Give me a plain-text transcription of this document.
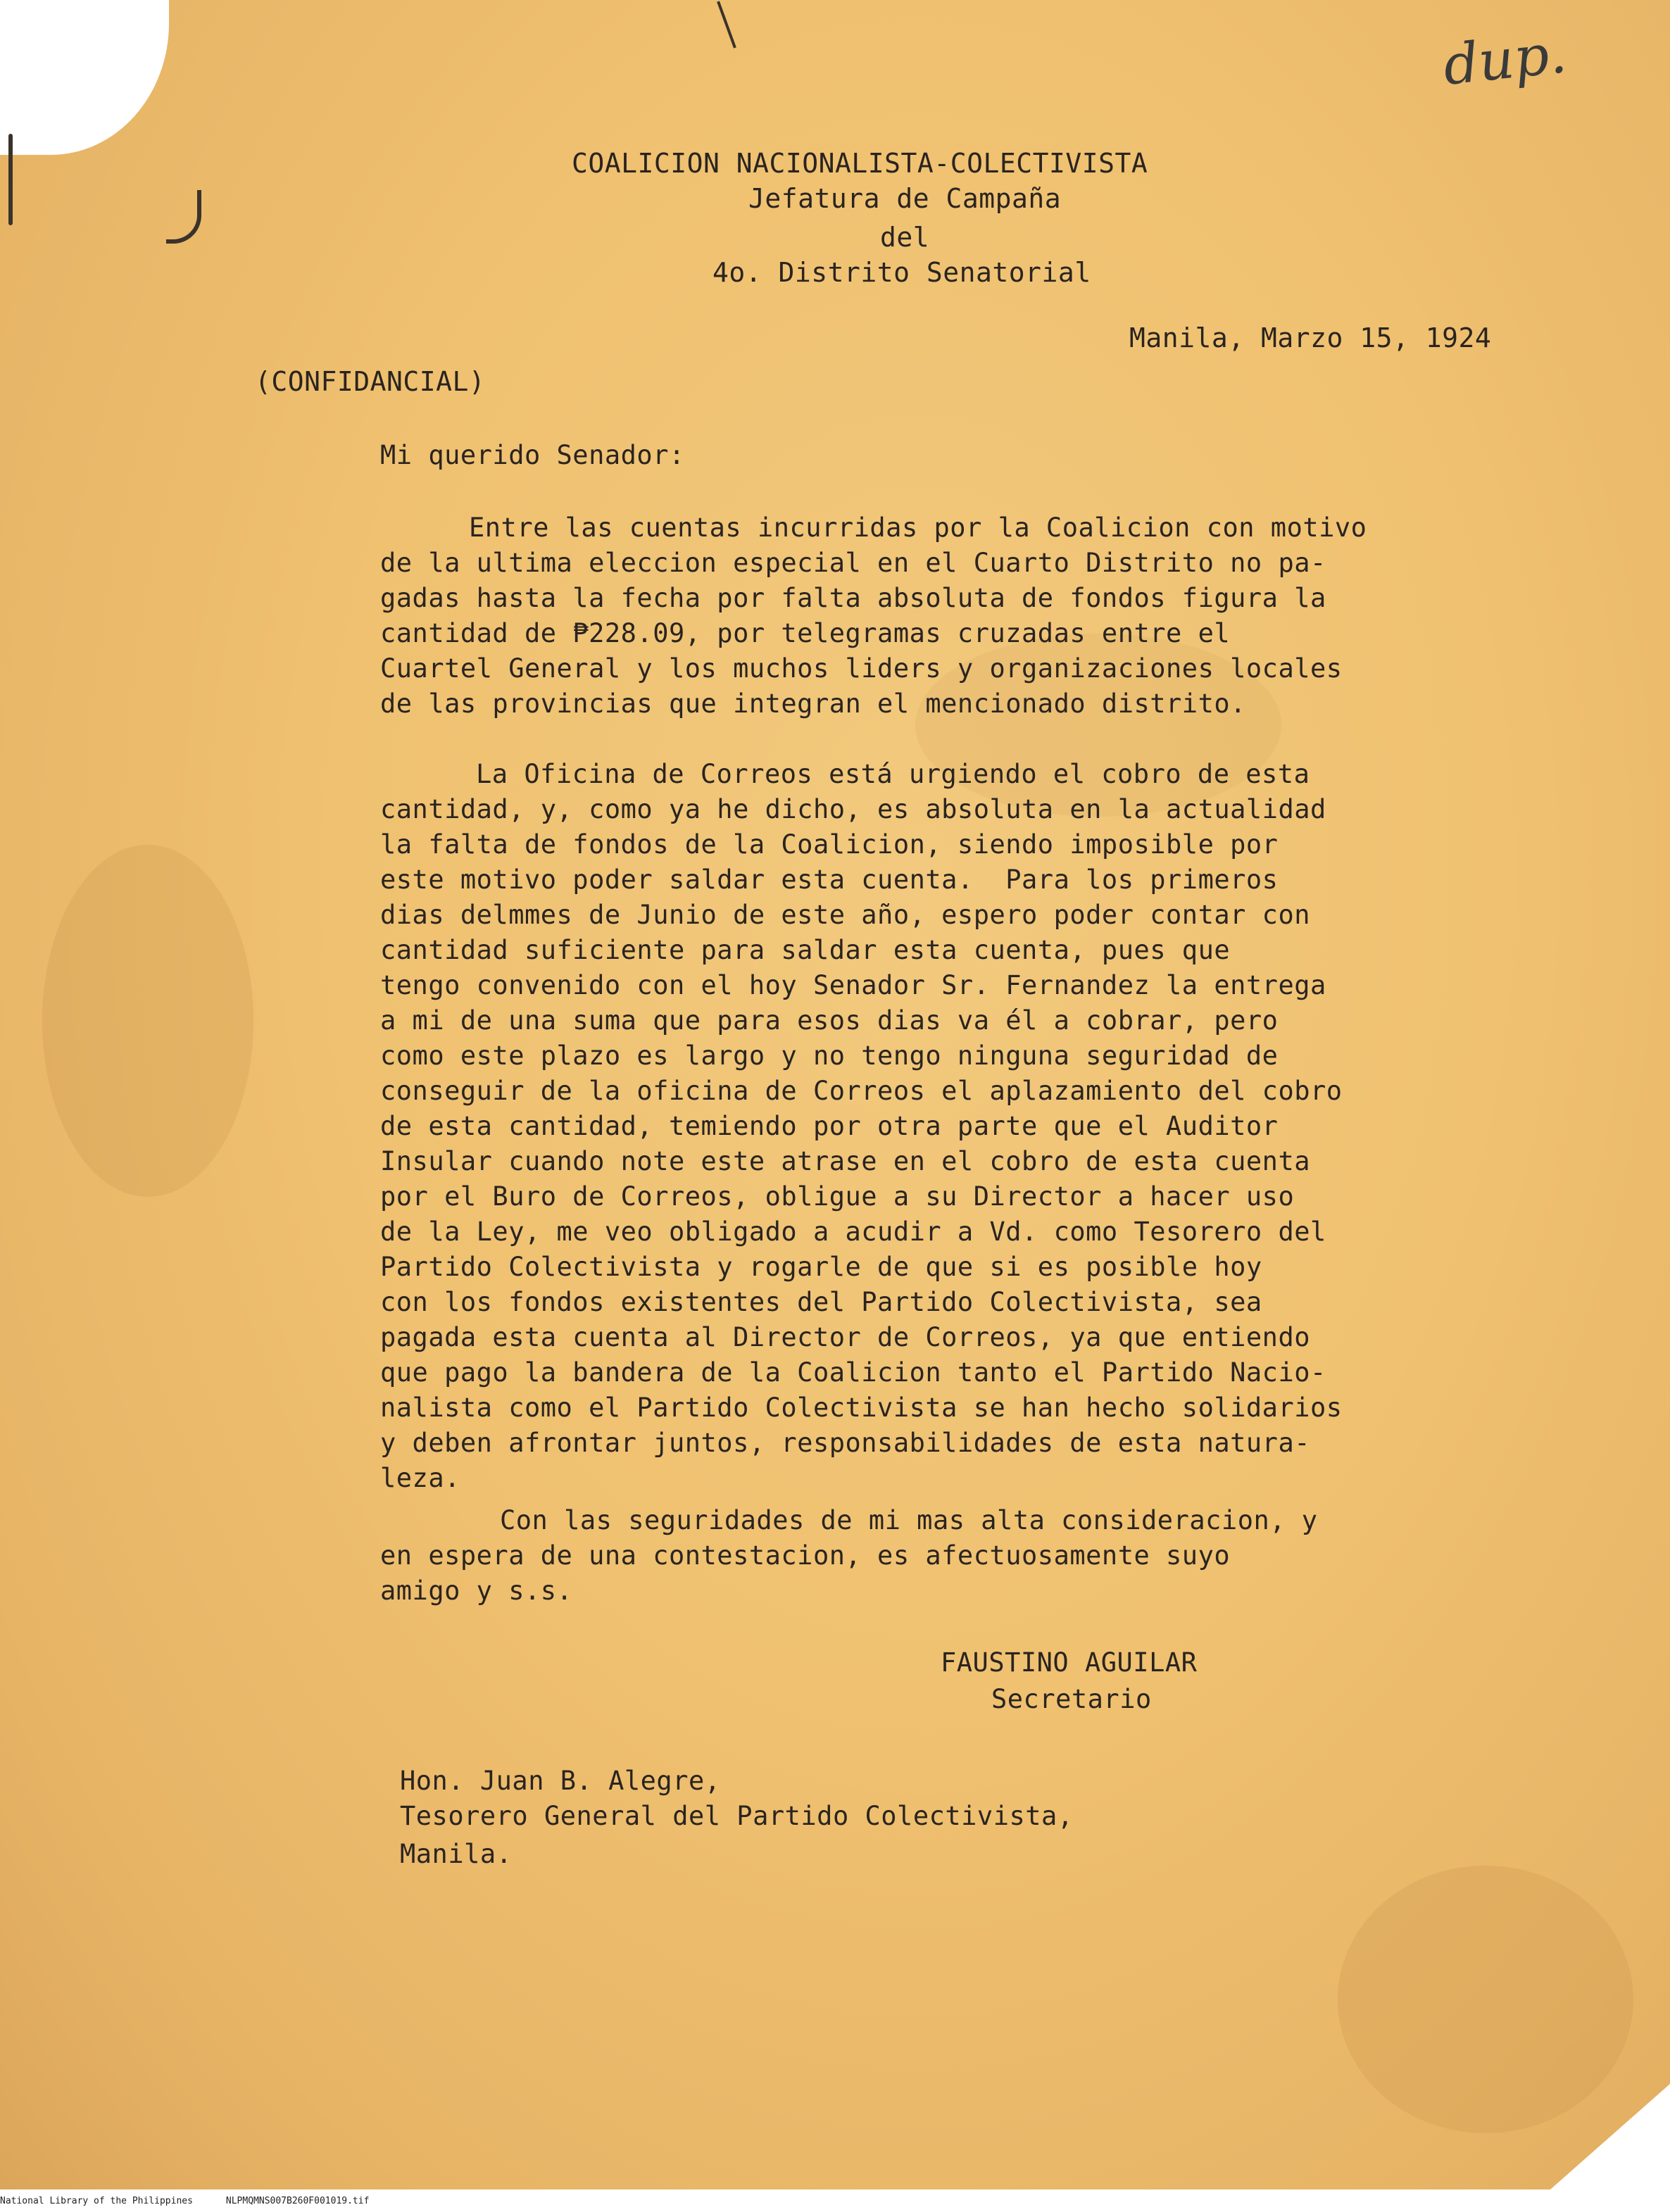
dup.
COALICION NACIONALISTA-COLECTIVISTA
Jefatura de Campaña
del
4o. Distrito Senatorial
Manila, Marzo 15, 1924
(CONFIDANCIAL)
Mi querido Senador:
Entre las cuentas incurridas por la Coalicion con motivo
de la ultima eleccion especial en el Cuarto Distrito no pa-
gadas hasta la fecha por falta absoluta de fondos figura la
cantidad de ₱228.09, por telegramas cruzadas entre el
Cuartel General y los muchos liders y organizaciones locales
de las provincias que integran el mencionado distrito.
La Oficina de Correos está urgiendo el cobro de esta
cantidad, y, como ya he dicho, es absoluta en la actualidad
la falta de fondos de la Coalicion, siendo imposible por
este motivo poder saldar esta cuenta.  Para los primeros
dias delmmes de Junio de este año, espero poder contar con
cantidad suficiente para saldar esta cuenta, pues que
tengo convenido con el hoy Senador Sr. Fernandez la entrega
a mi de una suma que para esos dias va él a cobrar, pero
como este plazo es largo y no tengo ninguna seguridad de
conseguir de la oficina de Correos el aplazamiento del cobro
de esta cantidad, temiendo por otra parte que el Auditor
Insular cuando note este atrase en el cobro de esta cuenta
por el Buro de Correos, obligue a su Director a hacer uso
de la Ley, me veo obligado a acudir a Vd. como Tesorero del
Partido Colectivista y rogarle de que si es posible hoy
con los fondos existentes del Partido Colectivista, sea
pagada esta cuenta al Director de Correos, ya que entiendo
que pago la bandera de la Coalicion tanto el Partido Nacio-
nalista como el Partido Colectivista se han hecho solidarios
y deben afrontar juntos, responsabilidades de esta natura-
leza.
Con las seguridades de mi mas alta consideracion, y
en espera de una contestacion, es afectuosamente suyo
amigo y s.s.
FAUSTINO AGUILAR
Secretario
Hon. Juan B. Alegre,
Tesorero General del Partido Colectivista,
Manila.
National Library of the Philippines	NLPMQMNS007B260F001019.tif
